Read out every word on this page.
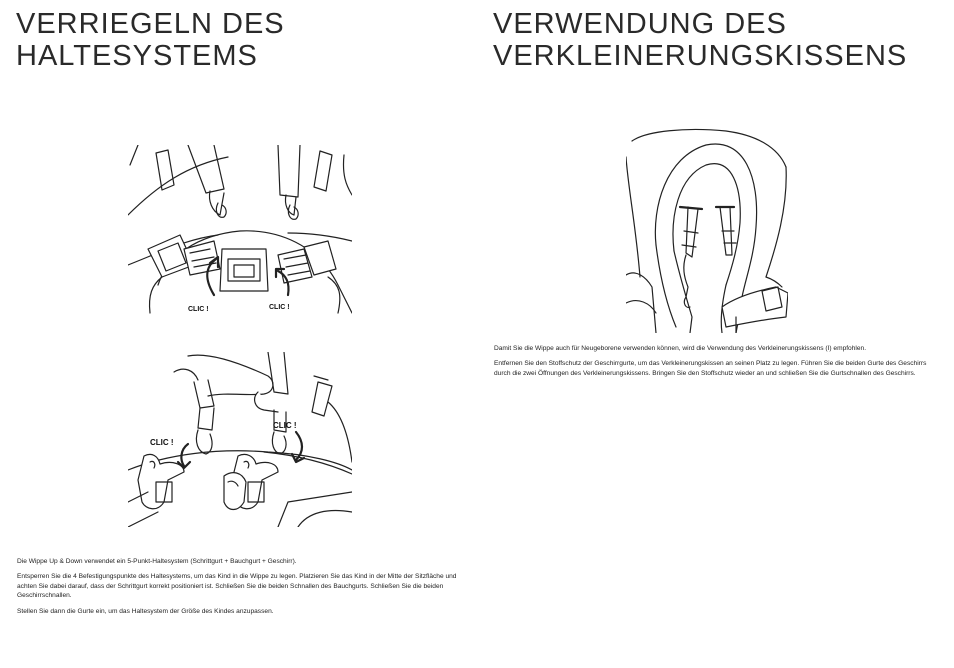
VERRIEGELN DES
HALTESYSTEMS
VERWENDUNG DES
VERKLEINERUNGSKISSENS
CLIC !	CLIC !
CLIC !
CLIC !

Die Wippe Up & Down verwendet ein 5-Punkt-Haltesystem (Schrittgurt + Bauchgurt + Geschirr).

Entsperren Sie die 4 Befestigungspunkte des Haltesystems, um das Kind in die Wippe zu legen. Platzieren Sie das Kind in der Mitte der Sitzfläche und achten Sie dabei darauf, dass der Schrittgurt korrekt positioniert ist. Schließen Sie die beiden Schnallen des Bauchgurts. Schließen Sie die beiden Geschirrschnallen.

Stellen Sie dann die Gurte ein, um das Haltesystem der Größe des Kindes anzupassen.

Damit Sie die Wippe auch für Neugeborene verwenden können, wird die Verwendung des Verkleinerungskissens (I) empfohlen.

Entfernen Sie den Stoffschutz der Geschirrgurte, um das Verkleinerungskissen an seinen Platz zu legen. Führen Sie die beiden Gurte des Geschirrs durch die zwei Öffnungen des Verkleinerungskissens. Bringen Sie den Stoffschutz wieder an und schließen Sie die Gurtschnallen des Geschirrs.
